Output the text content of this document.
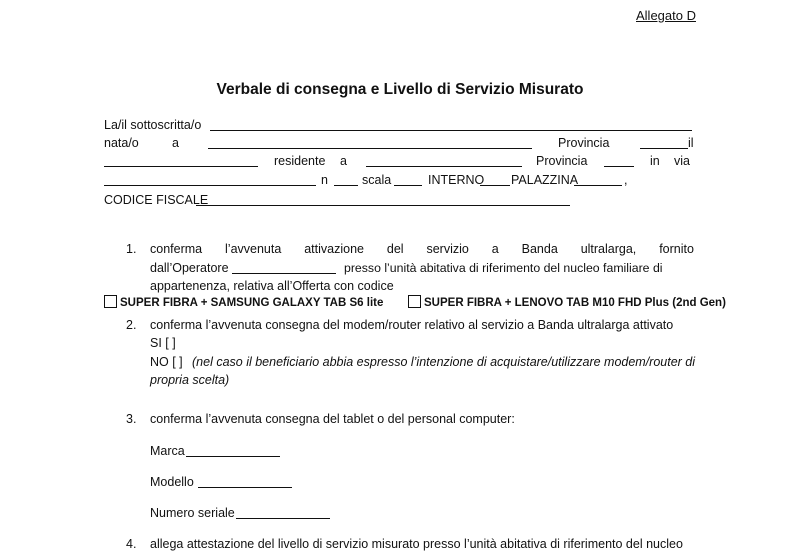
Allegato D
Verbale di consegna e Livello di Servizio Misurato
La/il sottoscritta/o
nata/o	a	Provincia	il
residente a	Provincia	in via
n	scala	INTERNO PALAZZINA	,
CODICE FISCALE
1. conferma l’avvenuta attivazione del servizio a Banda ultralarga, fornito
dall’Operatore	presso l’unità abitativa di riferimento del nucleo familiare di
appartenenza, relativa all’Offerta con codice
SUPER FIBRA + SAMSUNG GALAXY TAB S6 lite	SUPER FIBRA + LENOVO TAB M10 FHD Plus (2nd Gen)
2. conferma l’avvenuta consegna del modem/router relativo al servizio a Banda ultralarga attivato
SI [ ]
NO [ ] (nel caso il beneficiario abbia espresso l’intenzione di acquistare/utilizzare modem/router di
propria scelta)
3. conferma l’avvenuta consegna del tablet o del personal computer:
Marca
Modello
Numero seriale
4. allega attestazione del livello di servizio misurato presso l’unità abitativa di riferimento del nucleo
